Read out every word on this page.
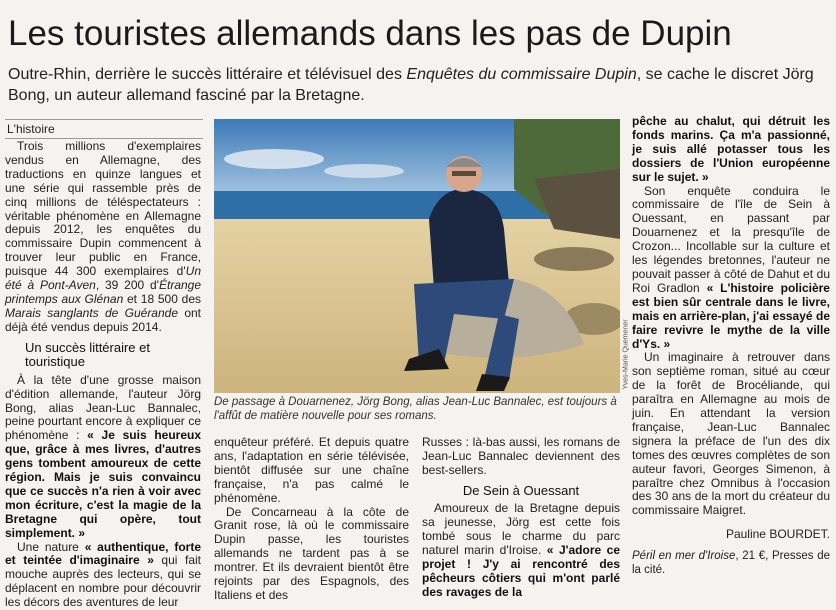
Les touristes allemands dans les pas de Dupin
Outre-Rhin, derrière le succès littéraire et télévisuel des Enquêtes du commissaire Dupin, se cache le discret Jörg Bong, un auteur allemand fasciné par la Bretagne.
L'histoire

Trois millions d'exemplaires vendus en Allemagne, des traductions en quinze langues et une série qui rassemble près de cinq millions de téléspectateurs : véritable phénomène en Allemagne depuis 2012, les enquêtes du commissaire Dupin commencent à trouver leur public en France, puisque 44 300 exemplaires d'Un été à Pont-Aven, 39 200 d'Étrange printemps aux Glénan et 18 500 des Marais sanglants de Guérande ont déjà été vendus depuis 2014.

Un succès littéraire et touristique

À la tête d'une grosse maison d'édition allemande, l'auteur Jörg Bong, alias Jean-Luc Bannalec, peine pourtant encore à expliquer ce phénomène : « Je suis heureux que, grâce à mes livres, d'autres gens tombent amoureux de cette région. Mais je suis convaincu que ce succès n'a rien à voir avec mon écriture, c'est la magie de la Bretagne qui opère, tout simplement. »

Une nature « authentique, forte et teintée d'imaginaire » qui fait mouche auprès des lecteurs, qui se déplacent en nombre pour découvrir les décors des aventures de leur

Yves-Marie Quemener
De passage à Douarnenez, Jörg Bong, alias Jean-Luc Bannalec, est toujours à l'affût de matière nouvelle pour ses romans.

enquêteur préféré. Et depuis quatre ans, l'adaptation en série télévisée, bientôt diffusée sur une chaîne française, n'a pas calmé le phénomène.

De Concarneau à la côte de Granit rose, là où le commissaire Dupin passe, les touristes allemands ne tardent pas à se montrer. Et ils devraient bientôt être rejoints par des Espagnols, des Italiens et des

Russes : là-bas aussi, les romans de Jean-Luc Bannalec deviennent des best-sellers.

De Sein à Ouessant

Amoureux de la Bretagne depuis sa jeunesse, Jörg est cette fois tombé sous le charme du parc naturel marin d'Iroise. « J'adore ce projet ! J'y ai rencontré des pêcheurs côtiers qui m'ont parlé des ravages de la

pêche au chalut, qui détruit les fonds marins. Ça m'a passionné, je suis allé potasser tous les dossiers de l'Union européenne sur le sujet. »

Son enquête conduira le commissaire de l'île de Sein à Ouessant, en passant par Douarnenez et la presqu'île de Crozon... Incollable sur la culture et les légendes bretonnes, l'auteur ne pouvait passer à côté de Dahut et du Roi Gradlon « L'histoire policière est bien sûr centrale dans le livre, mais en arrière-plan, j'ai essayé de faire revivre le mythe de la ville d'Ys. »

Un imaginaire à retrouver dans son septième roman, situé au cœur de la forêt de Brocéliande, qui paraîtra en Allemagne au mois de juin. En attendant la version française, Jean-Luc Bannalec signera la préface de l'un des dix tomes des œuvres complètes de son auteur favori, Georges Simenon, à paraître chez Omnibus à l'occasion des 30 ans de la mort du créateur du commissaire Maigret.

Pauline BOURDET.

Péril en mer d'Iroise, 21 €, Presses de la cité.
